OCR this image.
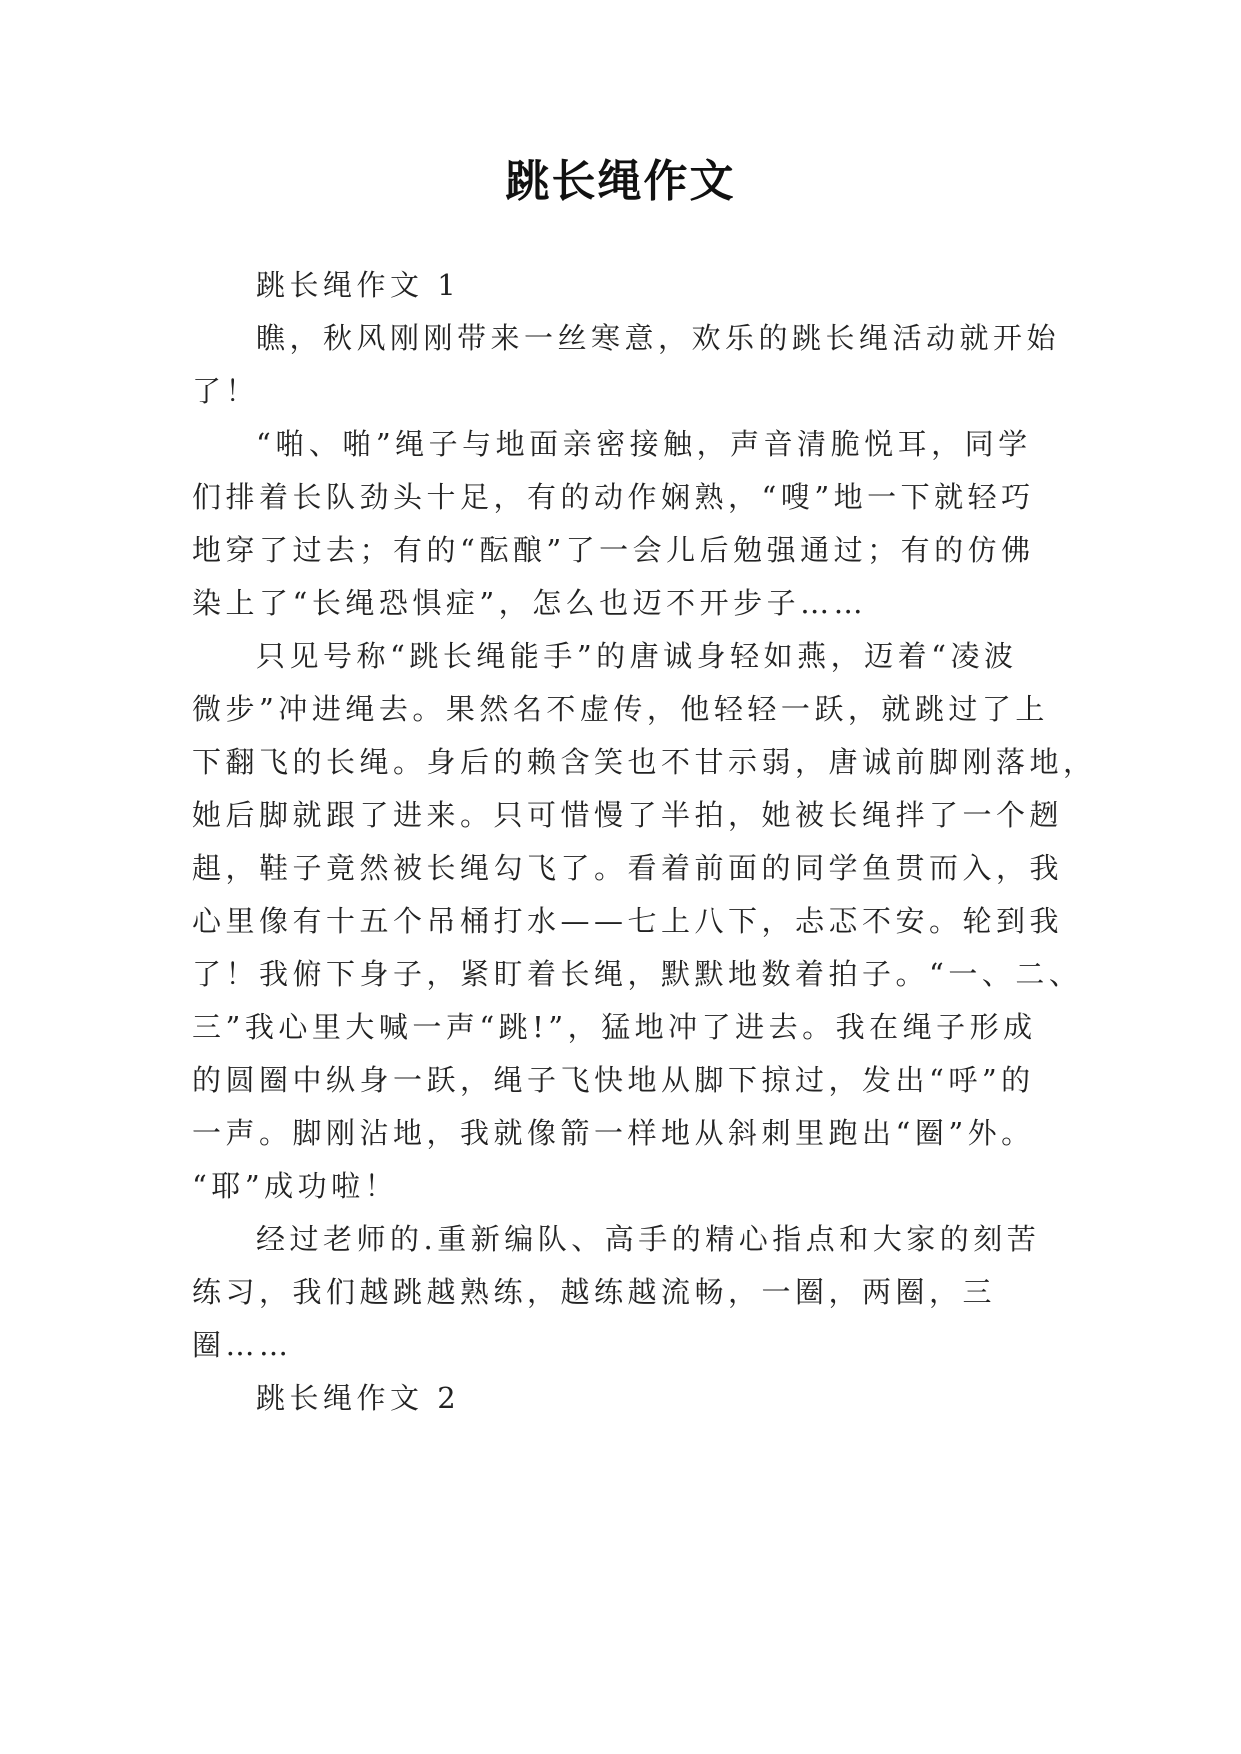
跳长绳作文
跳长绳作文 1
瞧，秋风刚刚带来一丝寒意，欢乐的跳长绳活动就开始
了！
“啪、啪”绳子与地面亲密接触，声音清脆悦耳，同学
们排着长队劲头十足，有的动作娴熟，“嗖”地一下就轻巧
地穿了过去；有的“酝酿”了一会儿后勉强通过；有的仿佛
染上了“长绳恐惧症”，怎么也迈不开步子……
只见号称“跳长绳能手”的唐诚身轻如燕，迈着“凌波
微步”冲进绳去。果然名不虚传，他轻轻一跃，就跳过了上
下翻飞的长绳。身后的赖含笑也不甘示弱，唐诚前脚刚落地，
她后脚就跟了进来。只可惜慢了半拍，她被长绳拌了一个趔
趄，鞋子竟然被长绳勾飞了。看着前面的同学鱼贯而入，我
心里像有十五个吊桶打水——七上八下，忐忑不安。轮到我
了！我俯下身子，紧盯着长绳，默默地数着拍子。“一、二、
三”我心里大喊一声“跳!”，猛地冲了进去。我在绳子形成
的圆圈中纵身一跃，绳子飞快地从脚下掠过，发出“呼”的
一声。脚刚沾地，我就像箭一样地从斜刺里跑出“圈”外。
“耶”成功啦！
经过老师的.重新编队、高手的精心指点和大家的刻苦
练习，我们越跳越熟练，越练越流畅，一圈，两圈，三
圈……
跳长绳作文 2
